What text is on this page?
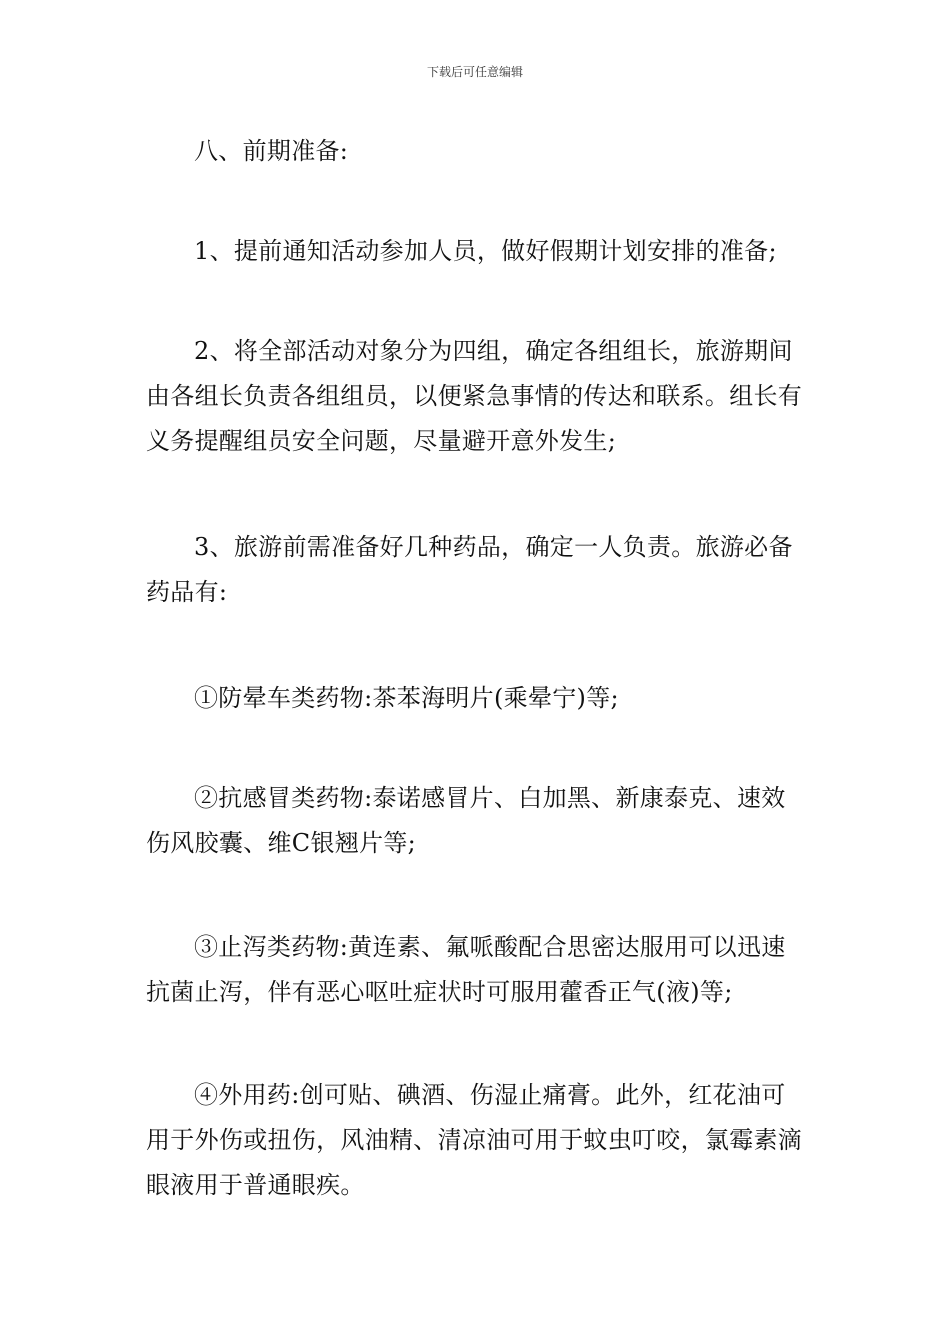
下载后可任意编辑

八、前期准备:

1、提前通知活动参加人员，做好假期计划安排的准备;

2、将全部活动对象分为四组，确定各组组长，旅游期间由各组长负责各组组员，以便紧急事情的传达和联系。组长有义务提醒组员安全问题，尽量避开意外发生;

3、旅游前需准备好几种药品，确定一人负责。旅游必备药品有:

①防晕车类药物:茶苯海明片(乘晕宁)等;

②抗感冒类药物:泰诺感冒片、白加黑、新康泰克、速效伤风胶囊、维C银翘片等;

③止泻类药物:黄连素、氟哌酸配合思密达服用可以迅速抗菌止泻，伴有恶心呕吐症状时可服用藿香正气(液)等;

④外用药:创可贴、碘酒、伤湿止痛膏。此外，红花油可用于外伤或扭伤，风油精、清凉油可用于蚊虫叮咬，氯霉素滴眼液用于普通眼疾。
